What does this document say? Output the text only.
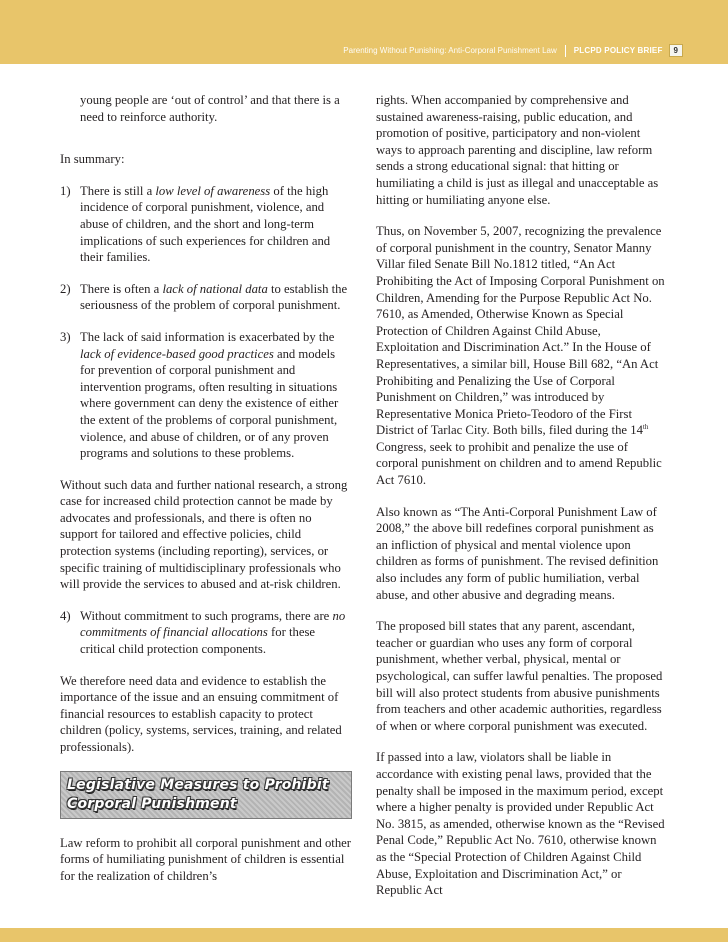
Parenting Without Punishing: Anti-Corporal Punishment Law PLCPD POLICY BRIEF	9

young people are ‘out of control’ and that there is a need to reinforce authority.

In summary:

1) There is still a low level of awareness of the high incidence of corporal punishment, violence, and abuse of children, and the short and long-term implications of such experiences for children and their families.
2) There is often a lack of national data to establish the seriousness of the problem of corporal punishment.
3) The lack of said information is exacerbated by the lack of evidence-based good practices and models for prevention of corporal punishment and intervention programs, often resulting in situations where government can deny the existence of either the extent of the problems of corporal punishment, violence, and abuse of children, or of any proven programs and solutions to these problems.

Without such data and further national research, a strong case for increased child protection cannot be made by advocates and professionals, and there is often no support for tailored and effective policies, child protection systems (including reporting), services, or specific training of multidisciplinary professionals who will provide the services to abused and at-risk children.

4) Without commitment to such programs, there are no commitments of financial allocations for these critical child protection components.

We therefore need data and evidence to establish the importance of the issue and an ensuing commitment of financial resources to establish capacity to protect children (policy, systems, services, training, and related professionals).

Legislative Measures to Prohibit Corporal Punishment

Law reform to prohibit all corporal punishment and other forms of humiliating punishment of children is essential for the realization of children’s

rights. When accompanied by comprehensive and sustained awareness-raising, public education, and promotion of positive, participatory and non-violent ways to approach parenting and discipline, law reform sends a strong educational signal: that hitting or humiliating a child is just as illegal and unacceptable as hitting or humiliating anyone else.

Thus, on November 5, 2007, recognizing the prevalence of corporal punishment in the country, Senator Manny Villar filed Senate Bill No.1812 titled, “An Act Prohibiting the Act of Imposing Corporal Punishment on Children, Amending for the Purpose Republic Act No. 7610, as Amended, Otherwise Known as Special Protection of Children Against Child Abuse, Exploitation and Discrimination Act.” In the House of Representatives, a similar bill, House Bill 682, “An Act Prohibiting and Penalizing the Use of Corporal Punishment on Children,” was introduced by Representative Monica Prieto-Teodoro of the First District of Tarlac City. Both bills, filed during the 14th Congress, seek to prohibit and penalize the use of corporal punishment on children and to amend Republic Act 7610.

Also known as “The Anti-Corporal Punishment Law of 2008,” the above bill redefines corporal punishment as an infliction of physical and mental violence upon children as forms of punishment. The revised definition also includes any form of public humiliation, verbal abuse, and other abusive and degrading means.

The proposed bill states that any parent, ascendant, teacher or guardian who uses any form of corporal punishment, whether verbal, physical, mental or psychological, can suffer lawful penalties. The proposed bill will also protect students from abusive punishments from teachers and other academic authorities, regardless of when or where corporal punishment was executed.

If passed into a law, violators shall be liable in accordance with existing penal laws, provided that the penalty shall be imposed in the maximum period, except where a higher penalty is provided under Republic Act No. 3815, as amended, otherwise known as the “Revised Penal Code,” Republic Act No. 7610, otherwise known as the “Special Protection of Children Against Child Abuse, Exploitation and Discrimination Act,” or Republic Act
